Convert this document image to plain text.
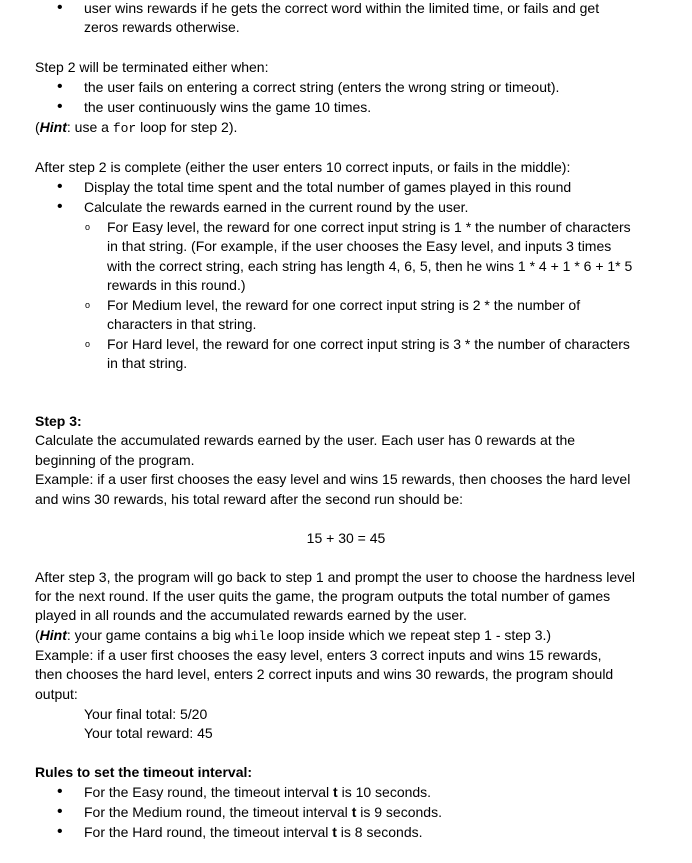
• user wins rewards if he gets the correct word within the limited time, or fails and get
zeros rewards otherwise.
Step 2 will be terminated either when:
• the user fails on entering a correct string (enters the wrong string or timeout).
• the user continuously wins the game 10 times.
(Hint: use a for loop for step 2).
After step 2 is complete (either the user enters 10 correct inputs, or fails in the middle):
• Display the total time spent and the total number of games played in this round
• Calculate the rewards earned in the current round by the user.
o For Easy level, the reward for one correct input string is 1 * the number of characters
in that string. (For example, if the user chooses the Easy level, and inputs 3 times
with the correct string, each string has length 4, 6, 5, then he wins 1 * 4 + 1 * 6 + 1* 5
rewards in this round.)
o For Medium level, the reward for one correct input string is 2 * the number of
characters in that string.
o For Hard level, the reward for one correct input string is 3 * the number of characters
in that string.
Step 3:
Calculate the accumulated rewards earned by the user. Each user has 0 rewards at the
beginning of the program.
Example: if a user first chooses the easy level and wins 15 rewards, then chooses the hard level
and wins 30 rewards, his total reward after the second run should be:
15 + 30 = 45
After step 3, the program will go back to step 1 and prompt the user to choose the hardness level
for the next round. If the user quits the game, the program outputs the total number of games
played in all rounds and the accumulated rewards earned by the user.
(Hint: your game contains a big while loop inside which we repeat step 1 - step 3.)
Example: if a user first chooses the easy level, enters 3 correct inputs and wins 15 rewards,
then chooses the hard level, enters 2 correct inputs and wins 30 rewards, the program should
output:
Your final total: 5/20
Your total reward: 45
Rules to set the timeout interval:
• For the Easy round, the timeout interval t is 10 seconds.
• For the Medium round, the timeout interval t is 9 seconds.
• For the Hard round, the timeout interval t is 8 seconds.
